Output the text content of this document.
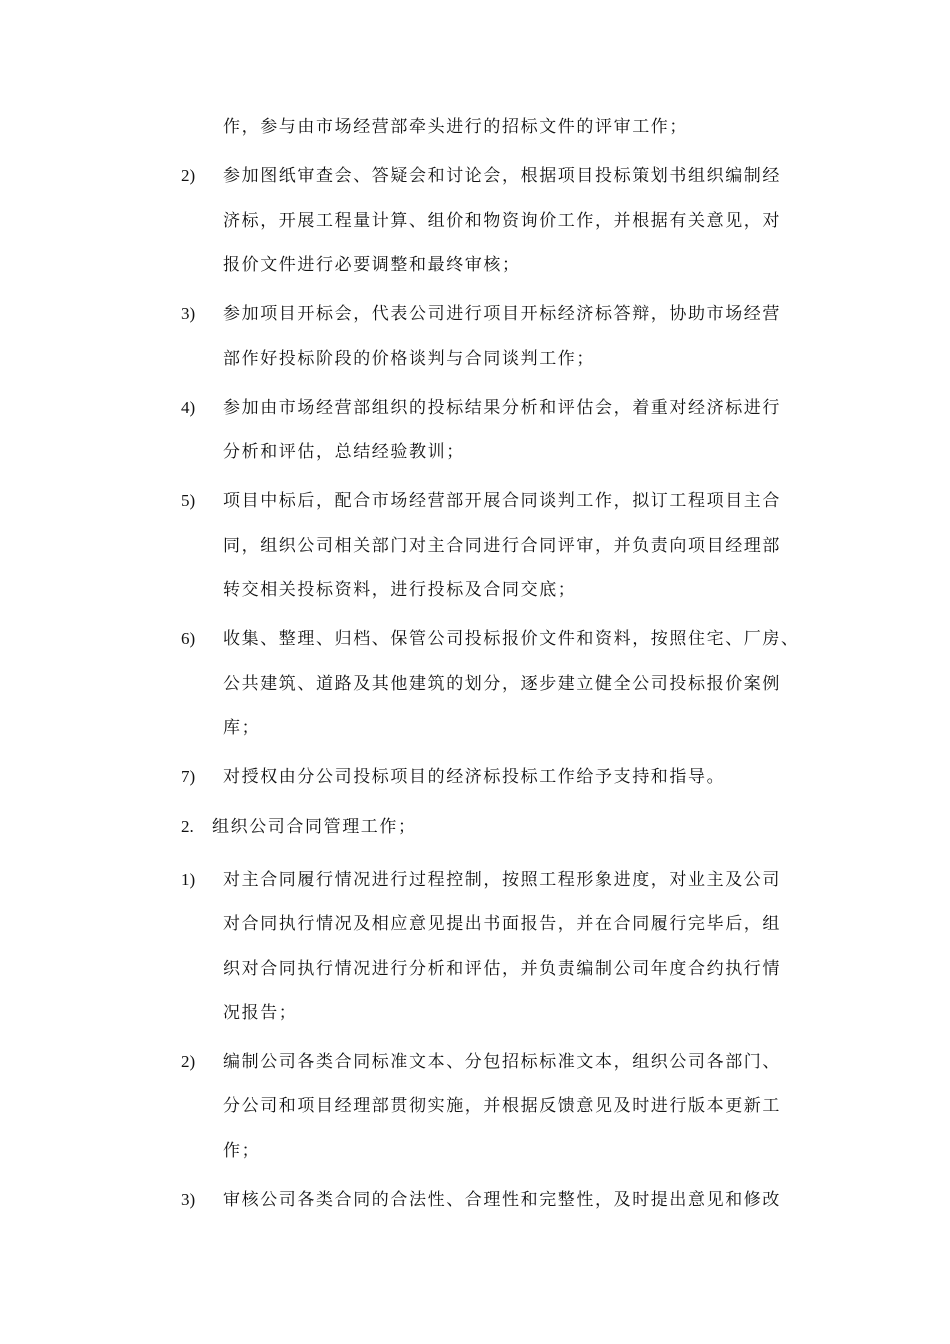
作，参与由市场经营部牵头进行的招标文件的评审工作；
2) 参加图纸审查会、答疑会和讨论会，根据项目投标策划书组织编制经
济标，开展工程量计算、组价和物资询价工作，并根据有关意见，对
报价文件进行必要调整和最终审核；
3) 参加项目开标会，代表公司进行项目开标经济标答辩，协助市场经营
部作好投标阶段的价格谈判与合同谈判工作；
4) 参加由市场经营部组织的投标结果分析和评估会，着重对经济标进行
分析和评估，总结经验教训；
5) 项目中标后，配合市场经营部开展合同谈判工作，拟订工程项目主合
同，组织公司相关部门对主合同进行合同评审，并负责向项目经理部
转交相关投标资料，进行投标及合同交底；
6) 收集、整理、归档、保管公司投标报价文件和资料，按照住宅、厂房、
公共建筑、道路及其他建筑的划分，逐步建立健全公司投标报价案例
库；
7) 对授权由分公司投标项目的经济标投标工作给予支持和指导。
2. 组织公司合同管理工作；
1) 对主合同履行情况进行过程控制，按照工程形象进度，对业主及公司
对合同执行情况及相应意见提出书面报告，并在合同履行完毕后，组
织对合同执行情况进行分析和评估，并负责编制公司年度合约执行情
况报告；
2) 编制公司各类合同标准文本、分包招标标准文本，组织公司各部门、
分公司和项目经理部贯彻实施，并根据反馈意见及时进行版本更新工
作；
3) 审核公司各类合同的合法性、合理性和完整性，及时提出意见和修改
